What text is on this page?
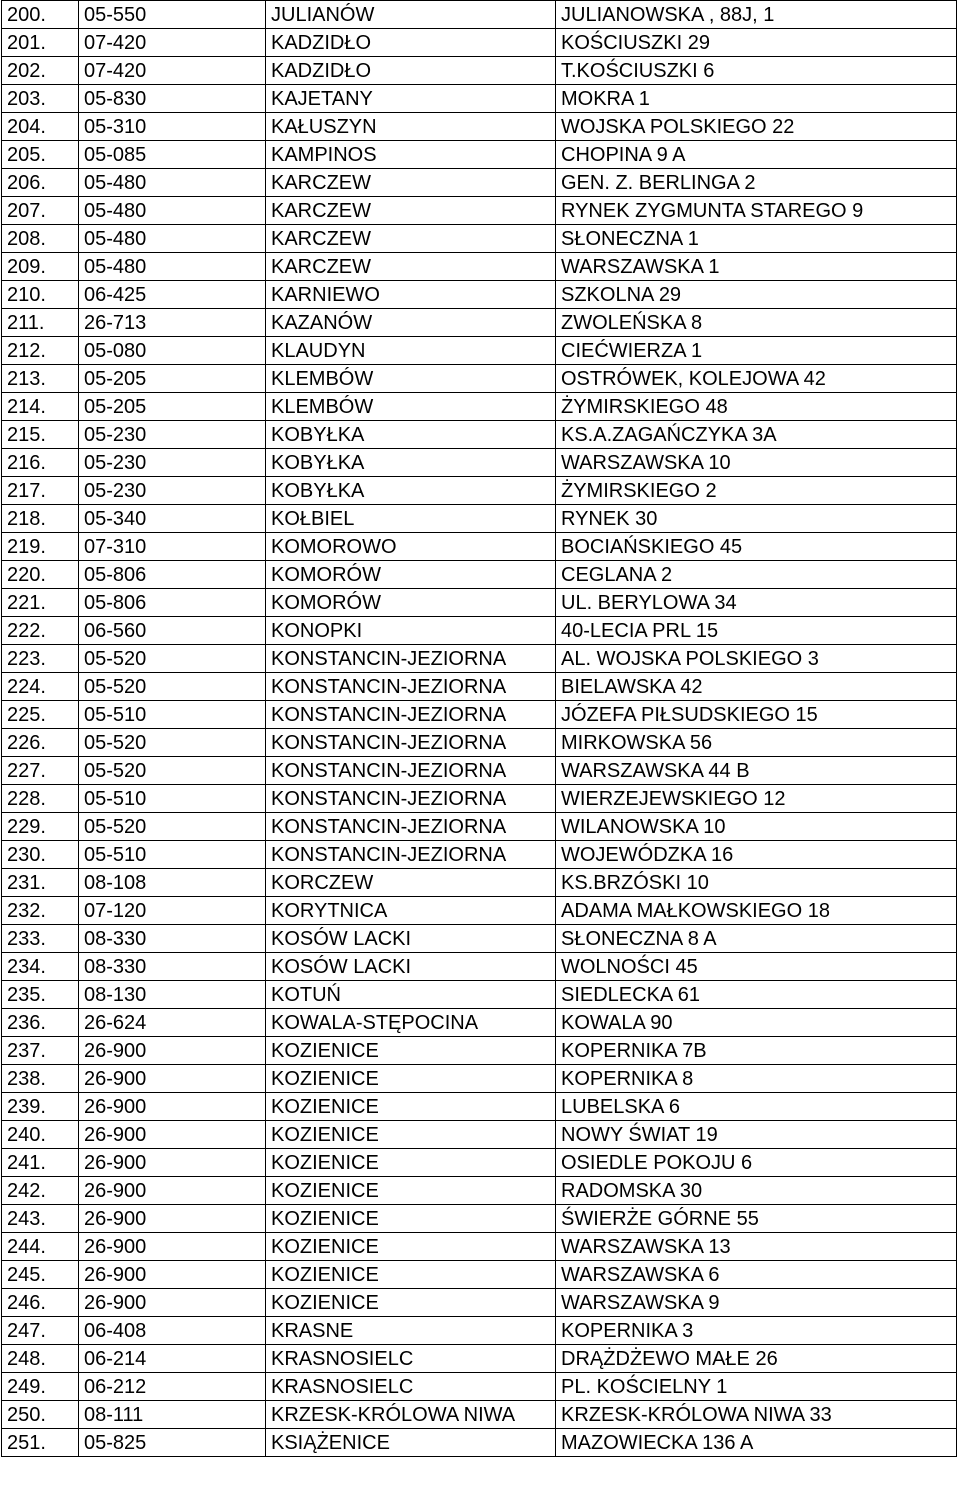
200.	05-550	JULIANÓW	JULIANOWSKA , 88J, 1
201.	07-420	KADZIDŁO	KOŚCIUSZKI 29
202.	07-420	KADZIDŁO	T.KOŚCIUSZKI 6
203.	05-830	KAJETANY	MOKRA 1
204.	05-310	KAŁUSZYN	WOJSKA POLSKIEGO 22
205.	05-085	KAMPINOS	CHOPINA 9 A
206.	05-480	KARCZEW	GEN. Z. BERLINGA 2
207.	05-480	KARCZEW	RYNEK ZYGMUNTA STAREGO 9
208.	05-480	KARCZEW	SŁONECZNA 1
209.	05-480	KARCZEW	WARSZAWSKA 1
210.	06-425	KARNIEWO	SZKOLNA 29
211.	26-713	KAZANÓW	ZWOLEŃSKA 8
212.	05-080	KLAUDYN	CIEĆWIERZA 1
213.	05-205	KLEMBÓW	OSTRÓWEK, KOLEJOWA 42
214.	05-205	KLEMBÓW	ŻYMIRSKIEGO 48
215.	05-230	KOBYŁKA	KS.A.ZAGAŃCZYKA 3A
216.	05-230	KOBYŁKA	WARSZAWSKA 10
217.	05-230	KOBYŁKA	ŻYMIRSKIEGO 2
218.	05-340	KOŁBIEL	RYNEK 30
219.	07-310	KOMOROWO	BOCIAŃSKIEGO 45
220.	05-806	KOMORÓW	CEGLANA 2
221.	05-806	KOMORÓW	UL. BERYLOWA 34
222.	06-560	KONOPKI	40-LECIA PRL 15
223.	05-520	KONSTANCIN-JEZIORNA	AL. WOJSKA POLSKIEGO 3
224.	05-520	KONSTANCIN-JEZIORNA	BIELAWSKA 42
225.	05-510	KONSTANCIN-JEZIORNA	JÓZEFA PIŁSUDSKIEGO 15
226.	05-520	KONSTANCIN-JEZIORNA	MIRKOWSKA 56
227.	05-520	KONSTANCIN-JEZIORNA	WARSZAWSKA 44 B
228.	05-510	KONSTANCIN-JEZIORNA	WIERZEJEWSKIEGO 12
229.	05-520	KONSTANCIN-JEZIORNA	WILANOWSKA 10
230.	05-510	KONSTANCIN-JEZIORNA	WOJEWÓDZKA 16
231.	08-108	KORCZEW	KS.BRZÓSKI 10
232.	07-120	KORYTNICA	ADAMA MAŁKOWSKIEGO 18
233.	08-330	KOSÓW LACKI	SŁONECZNA 8 A
234.	08-330	KOSÓW LACKI	WOLNOŚCI 45
235.	08-130	KOTUŃ	SIEDLECKA 61
236.	26-624	KOWALA-STĘPOCINA	KOWALA 90
237.	26-900	KOZIENICE	KOPERNIKA 7B
238.	26-900	KOZIENICE	KOPERNIKA 8
239.	26-900	KOZIENICE	LUBELSKA 6
240.	26-900	KOZIENICE	NOWY ŚWIAT 19
241.	26-900	KOZIENICE	OSIEDLE POKOJU 6
242.	26-900	KOZIENICE	RADOMSKA 30
243.	26-900	KOZIENICE	ŚWIERŻE GÓRNE 55
244.	26-900	KOZIENICE	WARSZAWSKA 13
245.	26-900	KOZIENICE	WARSZAWSKA 6
246.	26-900	KOZIENICE	WARSZAWSKA 9
247.	06-408	KRASNE	KOPERNIKA 3
248.	06-214	KRASNOSIELC	DRĄŻDŻEWO MAŁE 26
249.	06-212	KRASNOSIELC	PL. KOŚCIELNY 1
250.	08-111	KRZESK-KRÓLOWA NIWA	KRZESK-KRÓLOWA NIWA 33
251.	05-825	KSIĄŻENICE	MAZOWIECKA 136 A
